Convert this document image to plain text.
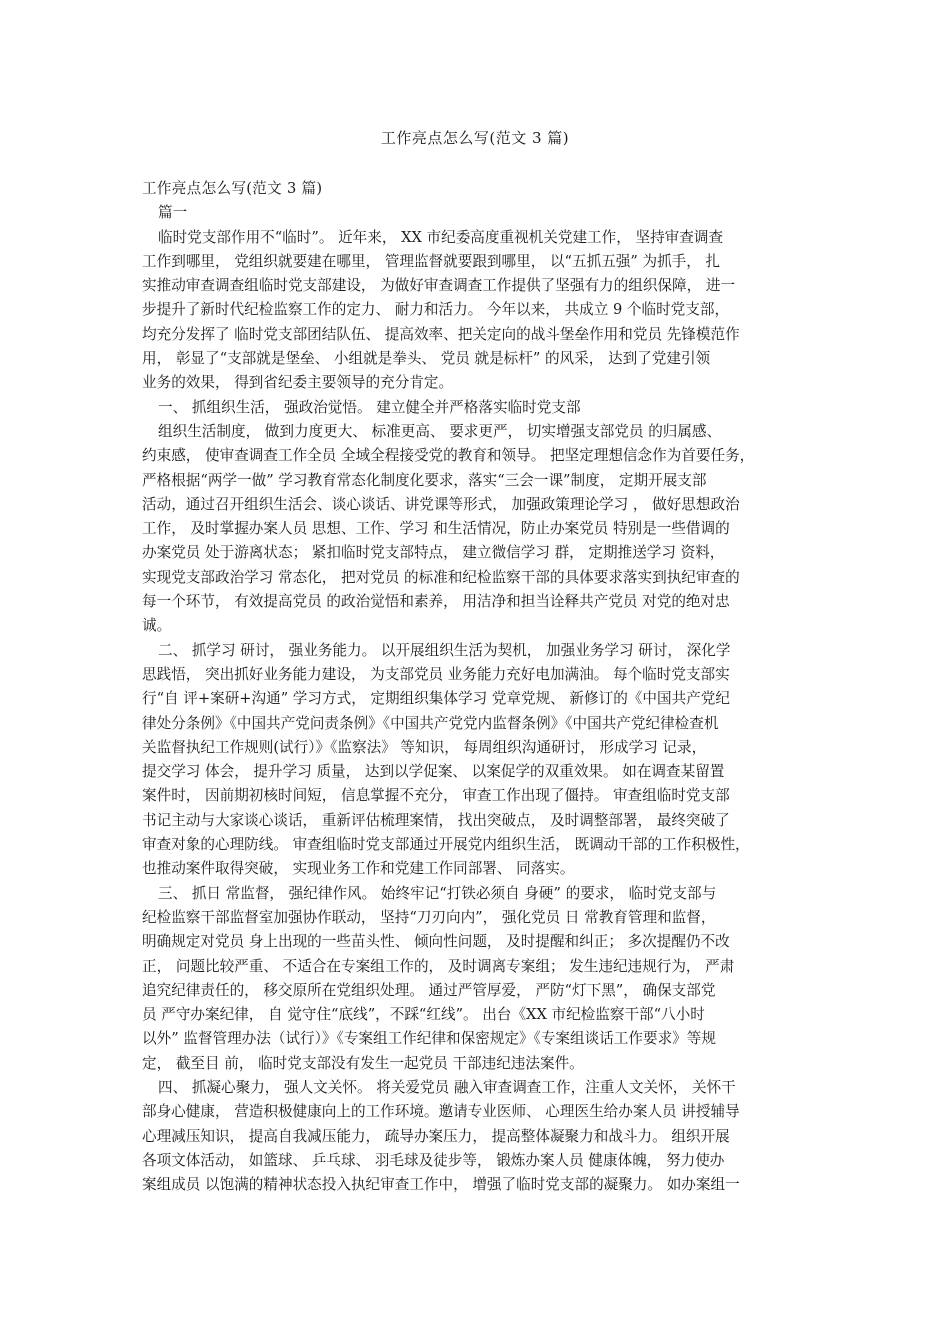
工作亮点怎么写(范文 3 篇)
工作亮点怎么写(范文 3 篇)
篇一
临时党支部作用不“临时”。 近年来， XX 市纪委高度重视机关党建工作， 坚持审查调查
工作到哪里， 党组织就要建在哪里， 管理监督就要跟到哪里， 以“五抓五强” 为抓手， 扎
实推动审查调查组临时党支部建设， 为做好审查调查工作提供了坚强有力的组织保障， 进一
步提升了新时代纪检监察工作的定力、 耐力和活力。 今年以来， 共成立 9 个临时党支部，
均充分发挥了 临时党支部团结队伍、 提高效率、把关定向的战斗堡垒作用和党员 先锋模范作
用， 彰显了“支部就是堡垒、 小组就是拳头、 党员 就是标杆” 的风采， 达到了党建引领
业务的效果， 得到省纪委主要领导的充分肯定。
一、 抓组织生活， 强政治觉悟。 建立健全并严格落实临时党支部
组织生活制度， 做到力度更大、 标准更高、 要求更严， 切实增强支部党员 的归属感、
约束感， 使审查调查工作全员 全域全程接受党的教育和领导。 把坚定理想信念作为首要任务，
严格根据“两学一做” 学习教育常态化制度化要求，落实“三会一课”制度， 定期开展支部
活动，通过召开组织生活会、谈心谈话、讲党课等形式， 加强政策理论学习 ， 做好思想政治
工作， 及时掌握办案人员 思想、工作、学习 和生活情况，防止办案党员 特别是一些借调的
办案党员 处于游离状态； 紧扣临时党支部特点， 建立微信学习 群， 定期推送学习 资料，
实现党支部政治学习 常态化， 把对党员 的标准和纪检监察干部的具体要求落实到执纪审查的
每一个环节， 有效提高党员 的政治觉悟和素养， 用洁净和担当诠释共产党员 对党的绝对忠
诚。
二、 抓学习 研讨， 强业务能力。 以开展组织生活为契机， 加强业务学习 研讨， 深化学
思践悟， 突出抓好业务能力建设， 为支部党员 业务能力充好电加满油。 每个临时党支部实
行“自 评+案研+沟通” 学习方式， 定期组织集体学习 党章党规、 新修订的《中国共产党纪
律处分条例》《中国共产党问责条例》《中国共产党党内监督条例》《中国共产党纪律检查机
关监督执纪工作规则(试行）》《监察法》 等知识， 每周组织沟通研讨， 形成学习 记录，
提交学习 体会， 提升学习 质量， 达到以学促案、 以案促学的双重效果。 如在调查某留置
案件时， 因前期初核时间短， 信息掌握不充分， 审查工作出现了僵持。 审查组临时党支部
书记主动与大家谈心谈话， 重新评估梳理案情， 找出突破点， 及时调整部署， 最终突破了
审查对象的心理防线。 审查组临时党支部通过开展党内组织生活， 既调动干部的工作积极性，
也推动案件取得突破， 实现业务工作和党建工作同部署、 同落实。
三、 抓日 常监督， 强纪律作风。 始终牢记“打铁必须自 身硬” 的要求， 临时党支部与
纪检监察干部监督室加强协作联动， 坚持“刀刃向内”， 强化党员 日 常教育管理和监督，
明确规定对党员 身上出现的一些苗头性、 倾向性问题， 及时提醒和纠正； 多次提醒仍不改
正， 问题比较严重、 不适合在专案组工作的， 及时调离专案组； 发生违纪违规行为， 严肃
追究纪律责任的， 移交原所在党组织处理。 通过严管厚爱， 严防“灯下黑”， 确保支部党
员 严守办案纪律， 自 觉守住“底线”，不踩“红线”。 出台《XX 市纪检监察干部“八小时
以外” 监督管理办法（试行）》《专案组工作纪律和保密规定》《专案组谈话工作要求》等规
定， 截至目 前， 临时党支部没有发生一起党员 干部违纪违法案件。
四、 抓凝心聚力， 强人文关怀。 将关爱党员 融入审查调查工作，注重人文关怀， 关怀干
部身心健康， 营造积极健康向上的工作环境。邀请专业医师、 心理医生给办案人员 讲授辅导
心理减压知识， 提高自我减压能力， 疏导办案压力， 提高整体凝聚力和战斗力。 组织开展
各项文体活动， 如篮球、 乒乓球、 羽毛球及徒步等， 锻炼办案人员 健康体魄， 努力使办
案组成员 以饱满的精神状态投入执纪审查工作中， 增强了临时党支部的凝聚力。 如办案组一
